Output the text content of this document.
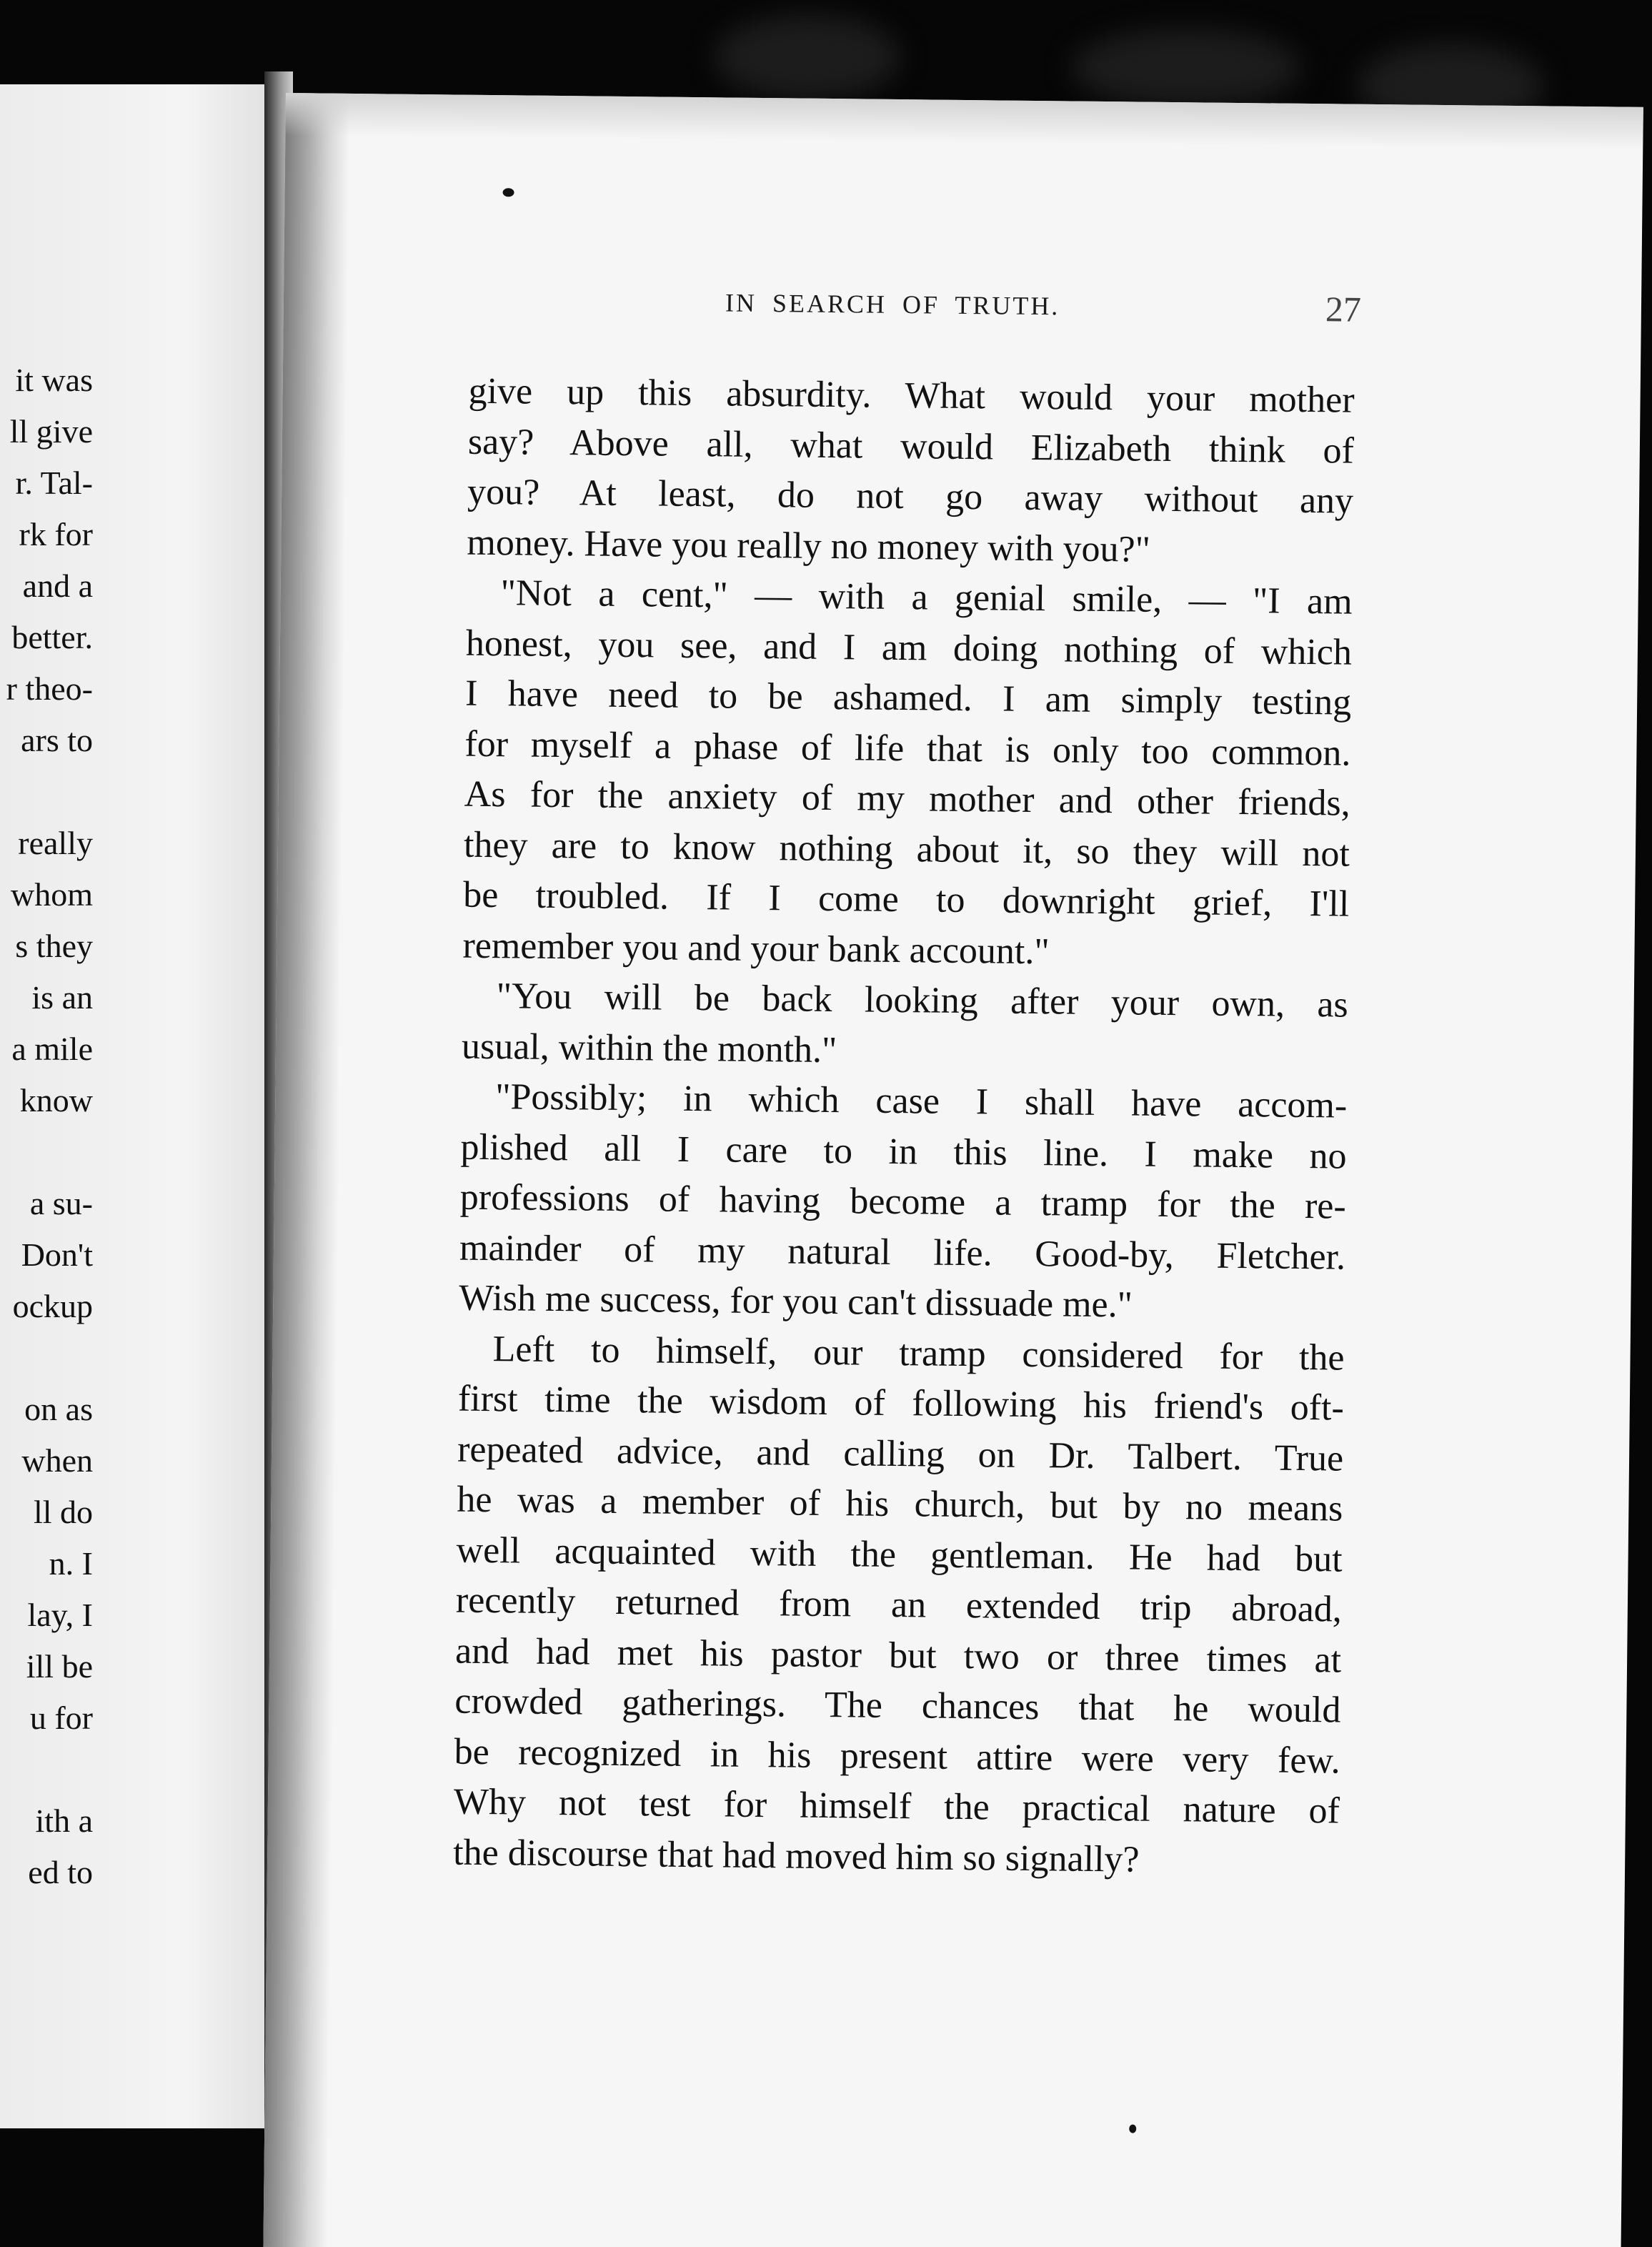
it was
ll give
r. Tal-
rk for
and a
better.
r theo-
ars to
really
whom
s they
is an
a mile
know
a su-
Don't
ockup
on as
when
ll do
n. I
lay, I
ill be
u for
ith a
ed to
IN SEARCH OF TRUTH.	27
give up this absurdity. What would your mother
say? Above all, what would Elizabeth think of
you? At least, do not go away without any
money. Have you really no money with you?"
"Not a cent," — with a genial smile, — "I am
honest, you see, and I am doing nothing of which
I have need to be ashamed. I am simply testing
for myself a phase of life that is only too common.
As for the anxiety of my mother and other friends,
they are to know nothing about it, so they will not
be troubled. If I come to downright grief, I'll
remember you and your bank account."
"You will be back looking after your own, as
usual, within the month."
"Possibly; in which case I shall have accom-
plished all I care to in this line. I make no
professions of having become a tramp for the re-
mainder of my natural life. Good-by, Fletcher.
Wish me success, for you can't dissuade me."
Left to himself, our tramp considered for the
first time the wisdom of following his friend's oft-
repeated advice, and calling on Dr. Talbert. True
he was a member of his church, but by no means
well acquainted with the gentleman. He had but
recently returned from an extended trip abroad,
and had met his pastor but two or three times at
crowded gatherings. The chances that he would
be recognized in his present attire were very few.
Why not test for himself the practical nature of
the discourse that had moved him so signally?
